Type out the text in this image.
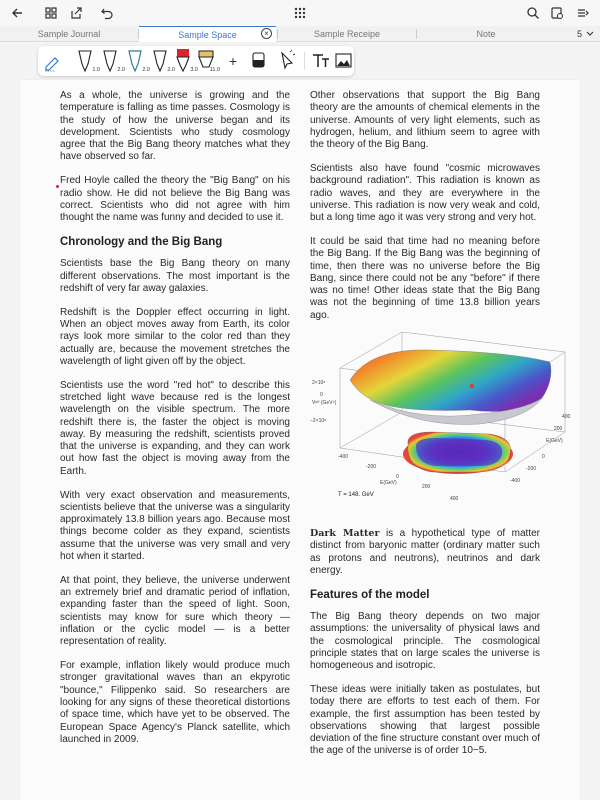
Sample Journal	Sample Space	×	Sample Receipe	Note	5
1.0	2.0	2.0	2.0	3.0 11.0
+

As a whole, the universe is growing and the temperature is falling as time passes. Cosmology is the study of how the universe began and its development. Scientists who study cosmology agree that the Big Bang theory matches what they have observed so far.

Fred Hoyle called the theory the "Big Bang" on his radio show. He did not believe the Big Bang was correct. Scientists who did not agree with him thought the name was funny and decided to use it.

Chronology and the Big Bang

Scientists base the Big Bang theory on many different observations. The most important is the redshift of very far away galaxies.

Redshift is the Doppler effect occurring in light. When an object moves away from Earth, its color rays look more similar to the color red than they actually are, because the movement stretches the wavelength of light given off by the object.

Scientists use the word "red hot" to describe this stretched light wave because red is the longest wavelength on the visible spectrum. The more redshift there is, the faster the object is moving away. By measuring the redshift, scientists proved that the universe is expanding, and they can work out how fast the object is moving away from the Earth.

With very exact observation and measurements, scientists believe that the universe was a singularity approximately 13.8 billion years ago. Because most things become colder as they expand, scientists assume that the universe was very small and very hot when it started.

At that point, they believe, the universe underwent an extremely brief and dramatic period of inflation, expanding faster than the speed of light. Soon, scientists may know for sure which theory — inflation or the cyclic model — is a better representation of reality.

For example, inflation likely would produce much stronger gravitational waves than an ekpyrotic "bounce," Filippenko said. So researchers are looking for any signs of these theoretical distortions of space time, which have yet to be observed. The European Space Agency's Planck satellite, which launched in 2009.

Other observations that support the Big Bang theory are the amounts of chemical elements in the universe. Amounts of very light elements, such as hydrogen, helium, and lithium seem to agree with the theory of the Big Bang.

Scientists also have found "cosmic microwaves background radiation". This radiation is known as radio waves, and they are everywhere in the universe. This radiation is now very weak and cold, but a long time ago it was very strong and very hot.

It could be said that time had no meaning before the Big Bang. If the Big Bang was the beginning of time, then there was no universe before the Big Bang, since there could not be any "before" if there was no time! Other ideas state that the Big Bang was not the beginning of time 13.8 billion years ago.

2×10⁸
Vᵉᶠᶠ (GeV⁴)
0
−2×10⁸
-400
-200
0
E(GeV)
200
400
-400
-200
0
E(GeV)
200
400
T = 148. GeV

Dark Matter is a hypothetical type of matter distinct from baryonic matter (ordinary matter such as protons and neutrons), neutrinos and dark energy.

Features of the model

The Big Bang theory depends on two major assumptions: the universality of physical laws and the cosmological principle. The cosmological principle states that on large scales the universe is homogeneous and isotropic.

These ideas were initially taken as postulates, but today there are efforts to test each of them. For example, the first assumption has been tested by observations showing that largest possible deviation of the fine structure constant over much of the age of the universe is of order 10−5.
